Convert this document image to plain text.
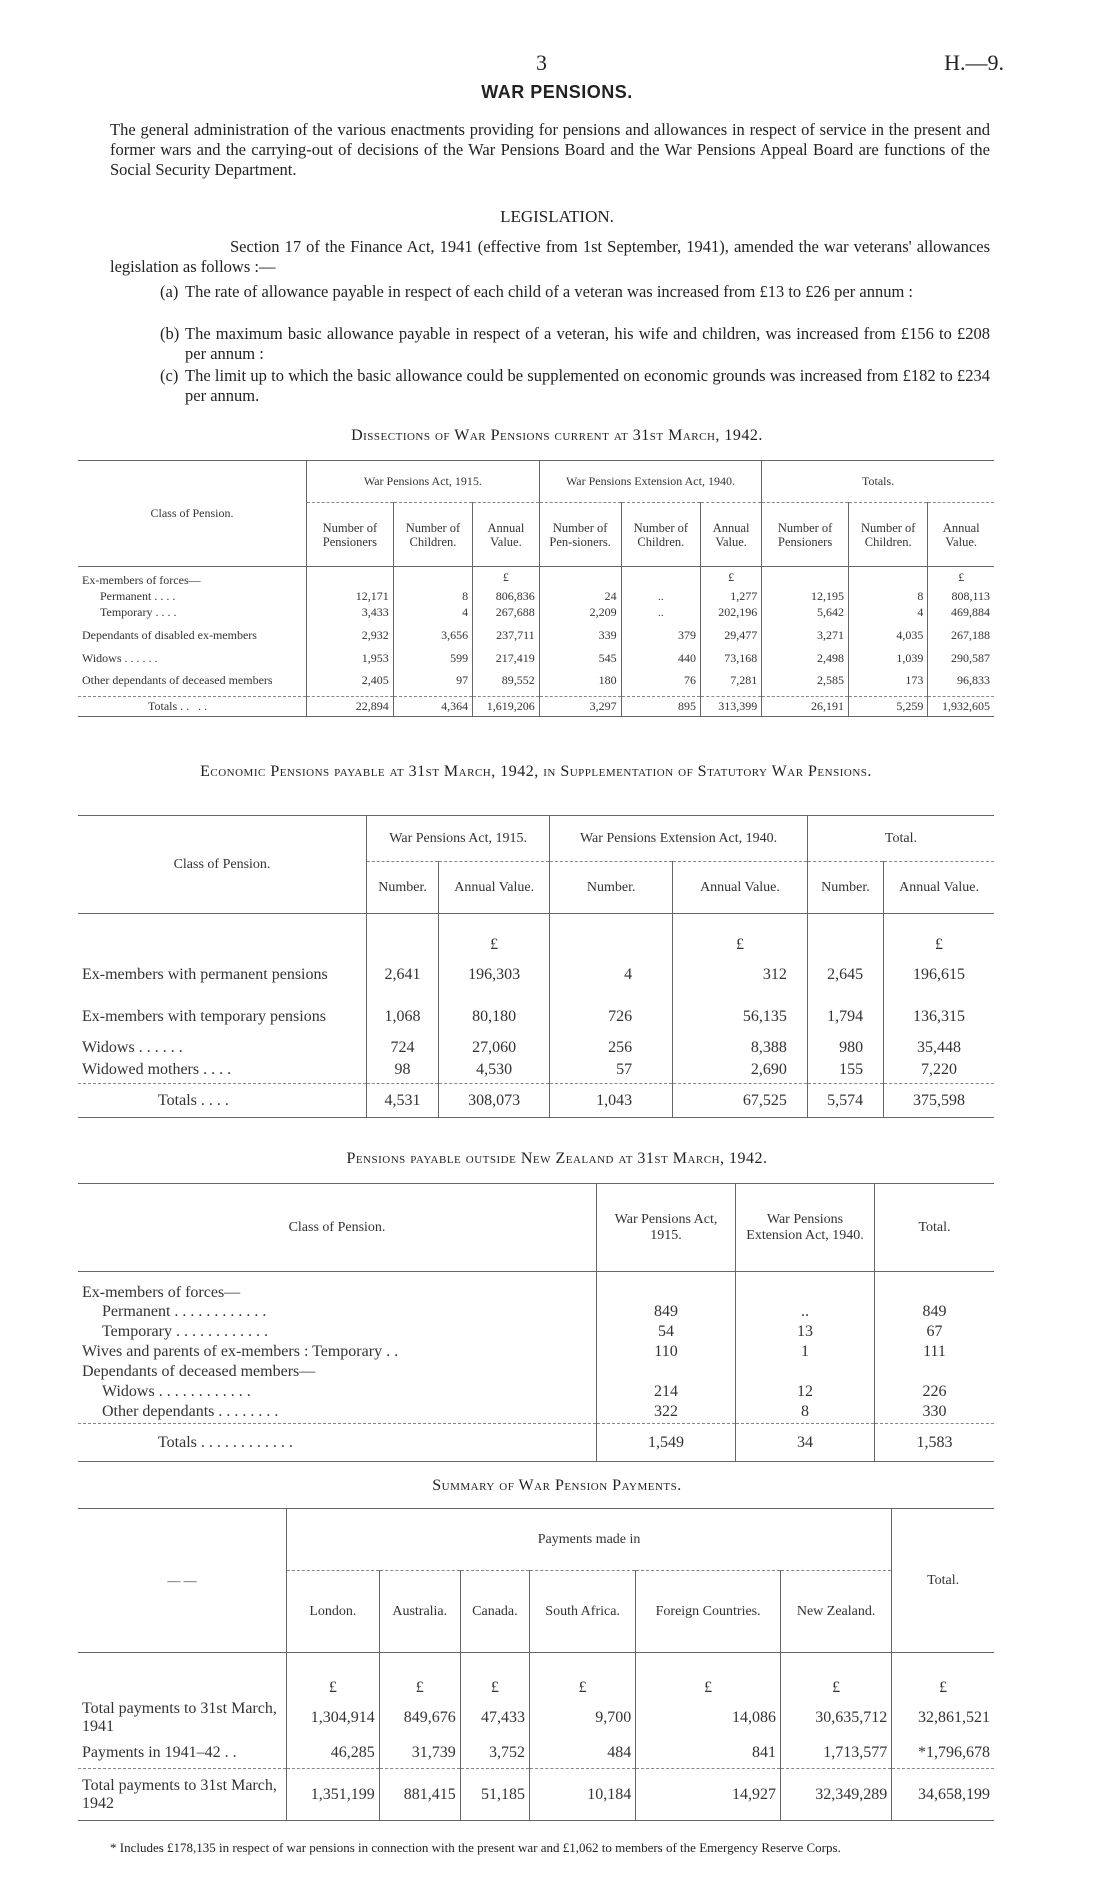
3	H.—9.
WAR PENSIONS.
The general administration of the various enactments providing for pensions and allowances in respect of service in the present and former wars and the carrying-out of decisions of the War Pensions Board and the War Pensions Appeal Board are functions of the Social Security Department.
LEGISLATION.
Section 17 of the Finance Act, 1941 (effective from 1st September, 1941), amended the war veterans' allowances legislation as follows :—
(a) The rate of allowance payable in respect of each child of a veteran was increased from £13 to £26 per annum :
(b) The maximum basic allowance payable in respect of a veteran, his wife and children, was increased from £156 to £208 per annum :
(c) The limit up to which the basic allowance could be supplemented on economic grounds was increased from £182 to £234 per annum.
Dissections of War Pensions current at 31st March, 1942.
Class of Pension.	War Pensions Act, 1915.			War Pensions Extension Act, 1940.			Totals.		
	Number of Pensioners	Number of Children.	Annual Value.	Number of Pen-sioners.	Number of Children.	Annual Value.	Number of Pensioners	Number of Children.	Annual Value.
Ex-members of forces—			£			£			£
Permanent . . . .	12,171	8	806,836	24	..	1,277	12,195	8	808,113
Temporary . . . .	3,433	4	267,688	2,209	..	202,196	5,642	4	469,884
Dependants of disabled ex-members	2,932	3,656	237,711	339	379	29,477	3,271	4,035	267,188
Widows . . . . . .	1,953	599	217,419	545	440	73,168	2,498	1,039	290,587
Other dependants of deceased members	2,405	97	89,552	180	76	7,281	2,585	173	96,833
Totals . .   . .	22,894	4,364	1,619,206	3,297	895	313,399	26,191	5,259	1,932,605
Economic Pensions payable at 31st March, 1942, in Supplementation of Statutory War Pensions.
Class of Pension.	War Pensions Act, 1915.		War Pensions Extension Act, 1940.		Total.	
	Number.	Annual Value.	Number.	Annual Value.	Number.	Annual Value.
		£		£		£
Ex-members with permanent pensions	2,641	196,303	4	312	2,645	196,615
Ex-members with temporary pensions	1,068	80,180	726	56,135	1,794	136,315
Widows . . . . . .	724	27,060	256	8,388	980	35,448
Widowed mothers . . . .	98	4,530	57	2,690	155	7,220
Totals . . . .	4,531	308,073	1,043	67,525	5,574	375,598
Pensions payable outside New Zealand at 31st March, 1942.
Class of Pension.	War Pensions Act, 1915.	War Pensions Extension Act, 1940.	Total.
Ex-members of forces—			
Permanent . . . . . . . . . . . .	849	..	849
Temporary . . . . . . . . . . . .	54	13	67
Wives and parents of ex-members : Temporary . .	110	1	111
Dependants of deceased members—			
Widows . . . . . . . . . . . .	214	12	226
Other dependants . . . . . . . .	322	8	330
Totals . . . . . . . . . . . .	1,549	34	1,583
Summary of War Pension Payments.
— —	Payments made in						Total.
	London.	Australia.	Canada.	South Africa.	Foreign Countries.	New Zealand.	
	£	£	£	£	£	£	£
Total payments to 31st March, 1941	1,304,914	849,676	47,433	9,700	14,086	30,635,712	32,861,521
Payments in 1941–42 . .	46,285	31,739	3,752	484	841	1,713,577	*1,796,678
Total payments to 31st March, 1942	1,351,199	881,415	51,185	10,184	14,927	32,349,289	34,658,199
* Includes £178,135 in respect of war pensions in connection with the present war and £1,062 to members of the Emergency Reserve Corps.
